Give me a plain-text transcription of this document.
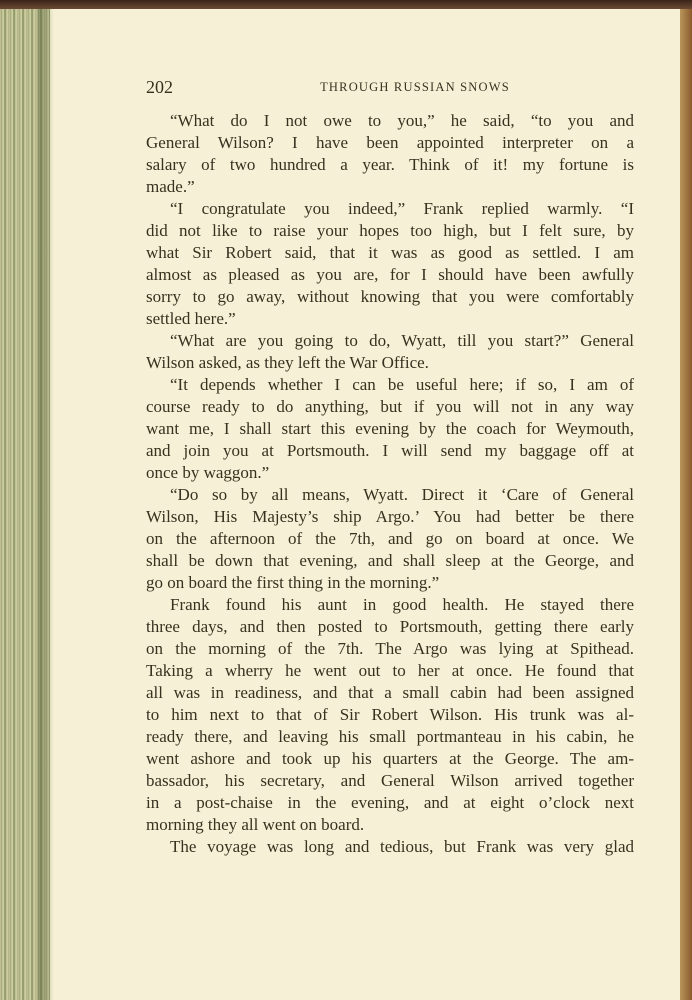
202	THROUGH RUSSIAN SNOWS
“What do I not owe to you,” he said, “to you and
General Wilson? I have been appointed interpreter on a
salary of two hundred a year. Think of it! my fortune is
made.”
“I congratulate you indeed,” Frank replied warmly. “I
did not like to raise your hopes too high, but I felt sure, by
what Sir Robert said, that it was as good as settled. I am
almost as pleased as you are, for I should have been awfully
sorry to go away, without knowing that you were comfortably
settled here.”
“What are you going to do, Wyatt, till you start?” General
Wilson asked, as they left the War Office.
“It depends whether I can be useful here; if so, I am of
course ready to do anything, but if you will not in any way
want me, I shall start this evening by the coach for Weymouth,
and join you at Portsmouth. I will send my baggage off at
once by waggon.”
“Do so by all means, Wyatt. Direct it ‘Care of General
Wilson, His Majesty’s ship Argo.’ You had better be there
on the afternoon of the 7th, and go on board at once. We
shall be down that evening, and shall sleep at the George, and
go on board the first thing in the morning.”
Frank found his aunt in good health. He stayed there
three days, and then posted to Portsmouth, getting there early
on the morning of the 7th. The Argo was lying at Spithead.
Taking a wherry he went out to her at once. He found that
all was in readiness, and that a small cabin had been assigned
to him next to that of Sir Robert Wilson. His trunk was al-
ready there, and leaving his small portmanteau in his cabin, he
went ashore and took up his quarters at the George. The am-
bassador, his secretary, and General Wilson arrived together
in a post-chaise in the evening, and at eight o’clock next
morning they all went on board.
The voyage was long and tedious, but Frank was very glad
